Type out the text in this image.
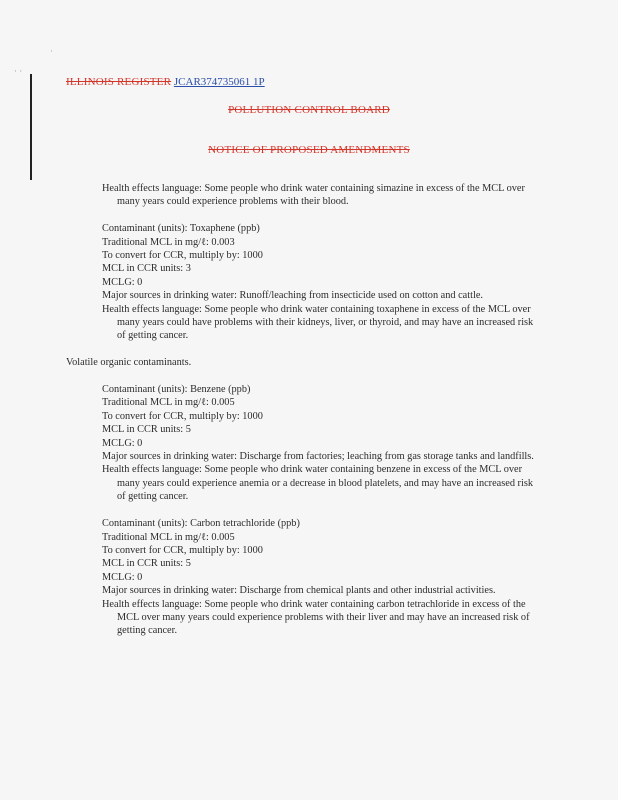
·
· ·
ILLINOIS REGISTER JCAR374735061 1P
POLLUTION CONTROL BOARD
NOTICE OF PROPOSED AMENDMENTS

Health effects language: Some people who drink water containing simazine in excess of the MCL over many years could experience problems with their blood.

Contaminant (units): Toxaphene (ppb)

Traditional MCL in mg/ℓ: 0.003

To convert for CCR, multiply by: 1000

MCL in CCR units: 3

MCLG: 0

Major sources in drinking water: Runoff/leaching from insecticide used on cotton and cattle.

Health effects language: Some people who drink water containing toxaphene in excess of the MCL over many years could have problems with their kidneys, liver, or thyroid, and may have an increased risk of getting cancer.

Volatile organic contaminants.

Contaminant (units): Benzene (ppb)

Traditional MCL in mg/ℓ: 0.005

To convert for CCR, multiply by: 1000

MCL in CCR units: 5

MCLG: 0

Major sources in drinking water: Discharge from factories; leaching from gas storage tanks and landfills.

Health effects language: Some people who drink water containing benzene in excess of the MCL over many years could experience anemia or a decrease in blood platelets, and may have an increased risk of getting cancer.

Contaminant (units): Carbon tetrachloride (ppb)

Traditional MCL in mg/ℓ: 0.005

To convert for CCR, multiply by: 1000

MCL in CCR units: 5

MCLG: 0

Major sources in drinking water: Discharge from chemical plants and other industrial activities.

Health effects language: Some people who drink water containing carbon tetrachloride in excess of the MCL over many years could experience problems with their liver and may have an increased risk of getting cancer.
